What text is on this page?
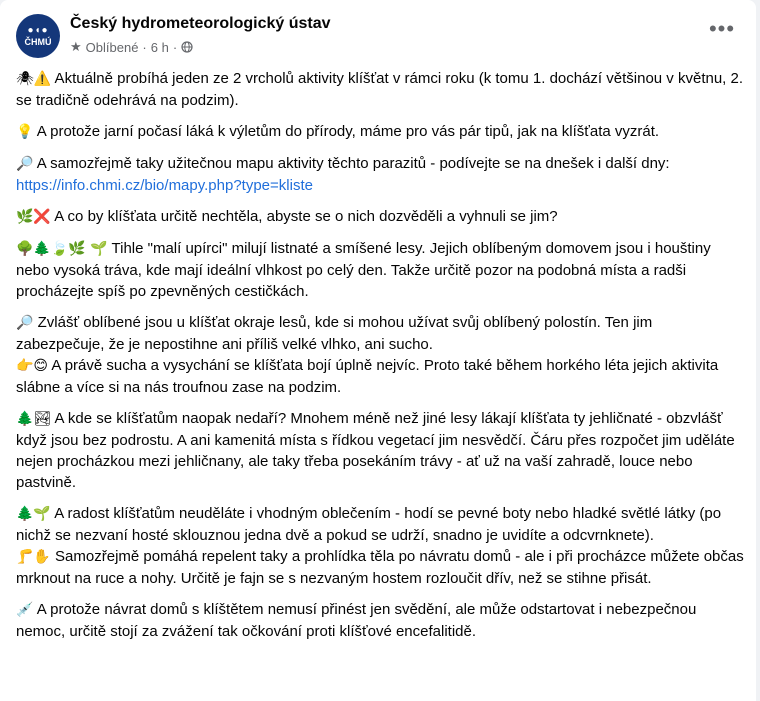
●◖●
ČHMÚ
Český hydrometeorologický ústav
★ Oblíbené · 6 h ·
•••
🕷⚠️ Aktuálně probíhá jeden ze 2 vrcholů aktivity klíšťat v rámci roku (k tomu 1. dochází většinou v květnu, 2. se tradičně odehrává na podzim).
💡 A protože jarní počasí láká k výletům do přírody, máme pro vás pár tipů, jak na klíšťata vyzrát.
🔎 A samozřejmě taky užitečnou mapu aktivity těchto parazitů - podívejte se na dnešek i další dny: https://info.chmi.cz/bio/mapy.php?type=kliste
🌿❌ A co by klíšťata určitě nechtěla, abyste se o nich dozvěděli a vyhnuli se jim?
🌳🌲🍃🌿 🌱 Tihle "malí upírci" milují listnaté a smíšené lesy. Jejich oblíbeným domovem jsou i houštiny nebo vysoká tráva, kde mají ideální vlhkost po celý den. Takže určitě pozor na podobná místa a radši procházejte spíš po zpevněných cestičkách.
🔎 Zvlášť oblíbené jsou u klíšťat okraje lesů, kde si mohou užívat svůj oblíbený polostín. Ten jim zabezpečuje, že je nepostihne ani příliš velké vlhko, ani sucho.
👉😊 A právě sucha a vysychání se klíšťata bojí úplně nejvíc. Proto také během horkého léta jejich aktivita slábne a více si na nás troufnou zase na podzim.
🌲🏞 A kde se klíšťatům naopak nedaří? Mnohem méně než jiné lesy lákají klíšťata ty jehličnaté - obzvlášť když jsou bez podrostu. A ani kamenitá místa s řídkou vegetací jim nesvědčí. Čáru přes rozpočet jim uděláte nejen procházkou mezi jehličnany, ale taky třeba posekáním trávy - ať už na vaší zahradě, louce nebo pastvině.
🌲🌱 A radost klíšťatům neuděláte i vhodným oblečením - hodí se pevné boty nebo hladké světlé látky (po nichž se nezvaní hosté sklouznou jedna dvě a pokud se udrží, snadno je uvidíte a odcvrnknete).
🦵✋ Samozřejmě pomáhá repelent taky a prohlídka těla po návratu domů - ale i při procházce můžete občas mrknout na ruce a nohy. Určitě je fajn se s nezvaným hostem rozloučit dřív, než se stihne přisát.
💉 A protože návrat domů s klíštětem nemusí přinést jen svědění, ale může odstartovat i nebezpečnou nemoc, určitě stojí za zvážení tak očkování proti klíšťové encefalitidě.
